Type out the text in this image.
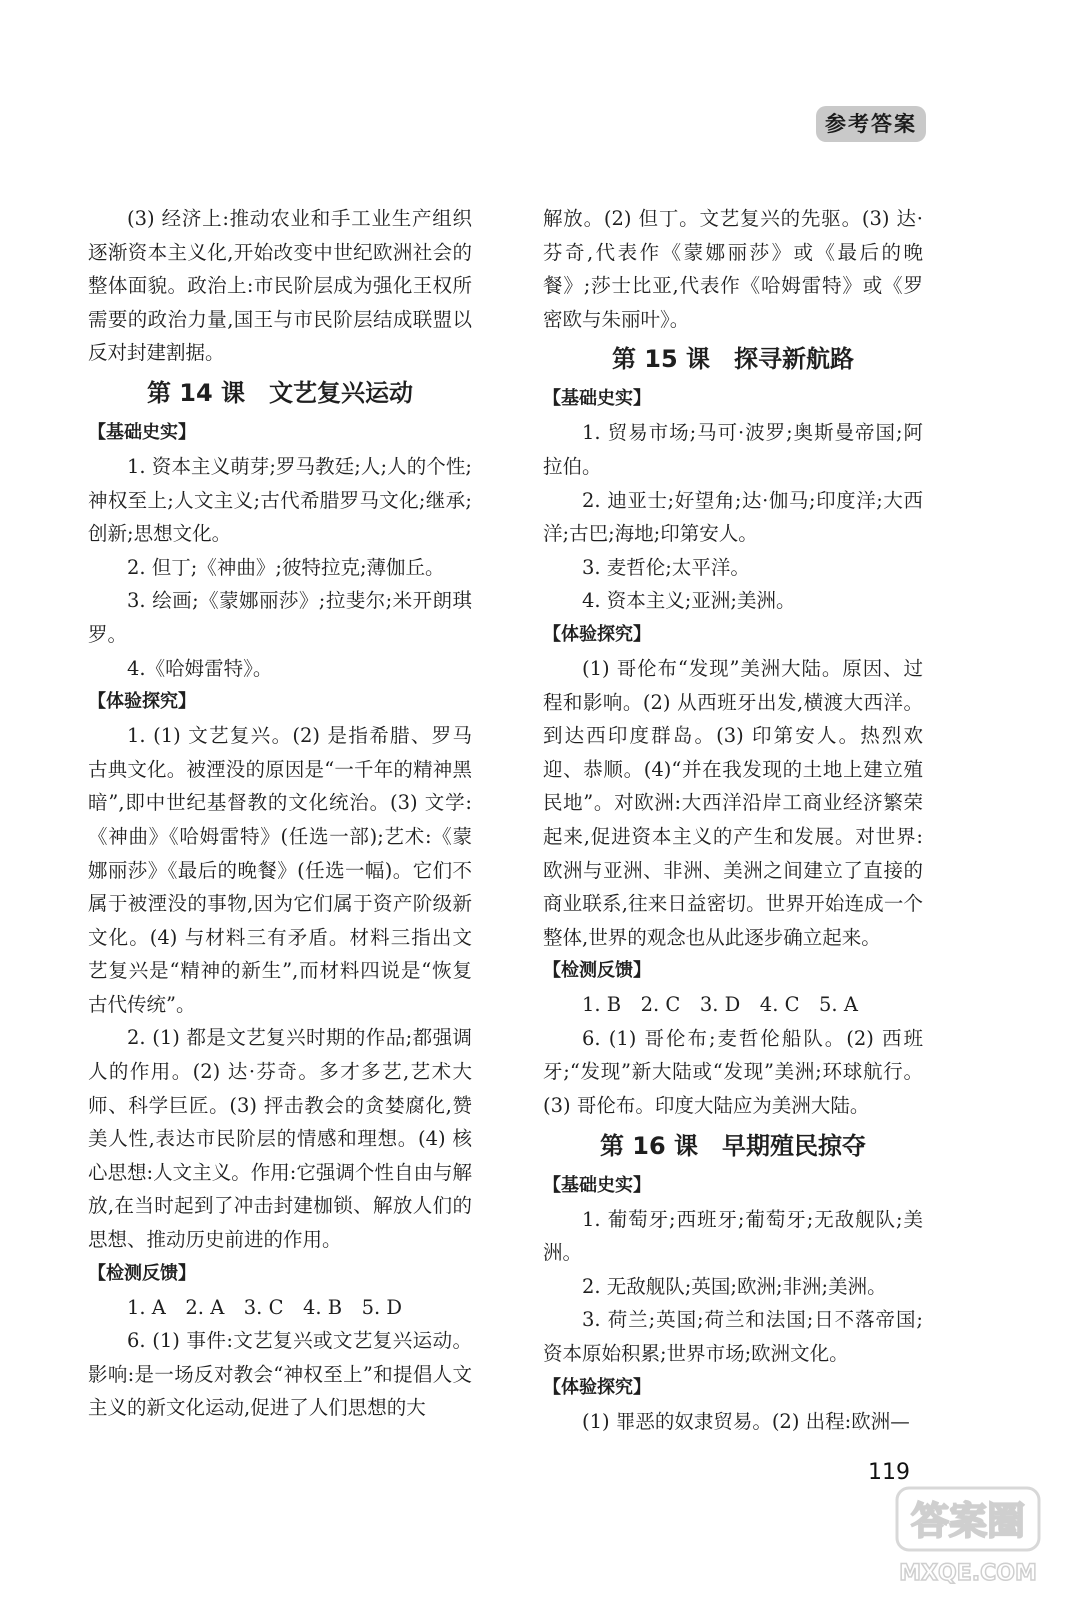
参考答案

(3) 经济上:推动农业和手工业生产组织逐渐资本主义化,开始改变中世纪欧洲社会的整体面貌。政治上:市民阶层成为强化王权所需要的政治力量,国王与市民阶层结成联盟以反对封建割据。

第 14 课　文艺复兴运动
【基础史实】

1. 资本主义萌芽;罗马教廷;人;人的个性;神权至上;人文主义;古代希腊罗马文化;继承;创新;思想文化。

2. 但丁;《神曲》;彼特拉克;薄伽丘。

3. 绘画;《蒙娜丽莎》;拉斐尔;米开朗琪罗。

4.《哈姆雷特》。

【体验探究】

1. (1) 文艺复兴。(2) 是指希腊、罗马古典文化。被湮没的原因是“一千年的精神黑暗”,即中世纪基督教的文化统治。(3) 文学:《神曲》《哈姆雷特》(任选一部);艺术:《蒙娜丽莎》《最后的晚餐》(任选一幅)。它们不属于被湮没的事物,因为它们属于资产阶级新文化。(4) 与材料三有矛盾。材料三指出文艺复兴是“精神的新生”,而材料四说是“恢复古代传统”。

2. (1) 都是文艺复兴时期的作品;都强调人的作用。(2) 达·芬奇。多才多艺,艺术大师、科学巨匠。(3) 抨击教会的贪婪腐化,赞美人性,表达市民阶层的情感和理想。(4) 核心思想:人文主义。作用:它强调个性自由与解放,在当时起到了冲击封建枷锁、解放人们的思想、推动历史前进的作用。

【检测反馈】

1. A　2. A　3. C　4. B　5. D

6. (1) 事件:文艺复兴或文艺复兴运动。影响:是一场反对教会“神权至上”和提倡人文主义的新文化运动,促进了人们思想的大

解放。(2) 但丁。文艺复兴的先驱。(3) 达·芬奇,代表作《蒙娜丽莎》或《最后的晚餐》;莎士比亚,代表作《哈姆雷特》或《罗密欧与朱丽叶》。

第 15 课　探寻新航路
【基础史实】

1. 贸易市场;马可·波罗;奥斯曼帝国;阿拉伯。

2. 迪亚士;好望角;达·伽马;印度洋;大西洋;古巴;海地;印第安人。

3. 麦哲伦;太平洋。

4. 资本主义;亚洲;美洲。

【体验探究】

(1) 哥伦布“发现”美洲大陆。原因、过程和影响。(2) 从西班牙出发,横渡大西洋。到达西印度群岛。(3) 印第安人。热烈欢迎、恭顺。(4)“并在我发现的土地上建立殖民地”。对欧洲:大西洋沿岸工商业经济繁荣起来,促进资本主义的产生和发展。对世界:欧洲与亚洲、非洲、美洲之间建立了直接的商业联系,往来日益密切。世界开始连成一个整体,世界的观念也从此逐步确立起来。

【检测反馈】

1. B　2. C　3. D　4. C　5. A

6. (1) 哥伦布;麦哲伦船队。(2) 西班牙;“发现”新大陆或“发现”美洲;环球航行。(3) 哥伦布。印度大陆应为美洲大陆。

第 16 课　早期殖民掠夺
【基础史实】

1. 葡萄牙;西班牙;葡萄牙;无敌舰队;美洲。

2. 无敌舰队;英国;欧洲;非洲;美洲。

3. 荷兰;英国;荷兰和法国;日不落帝国;资本原始积累;世界市场;欧洲文化。

【体验探究】

(1) 罪恶的奴隶贸易。(2) 出程:欧洲—

119
答案圈
MXQE.COM
